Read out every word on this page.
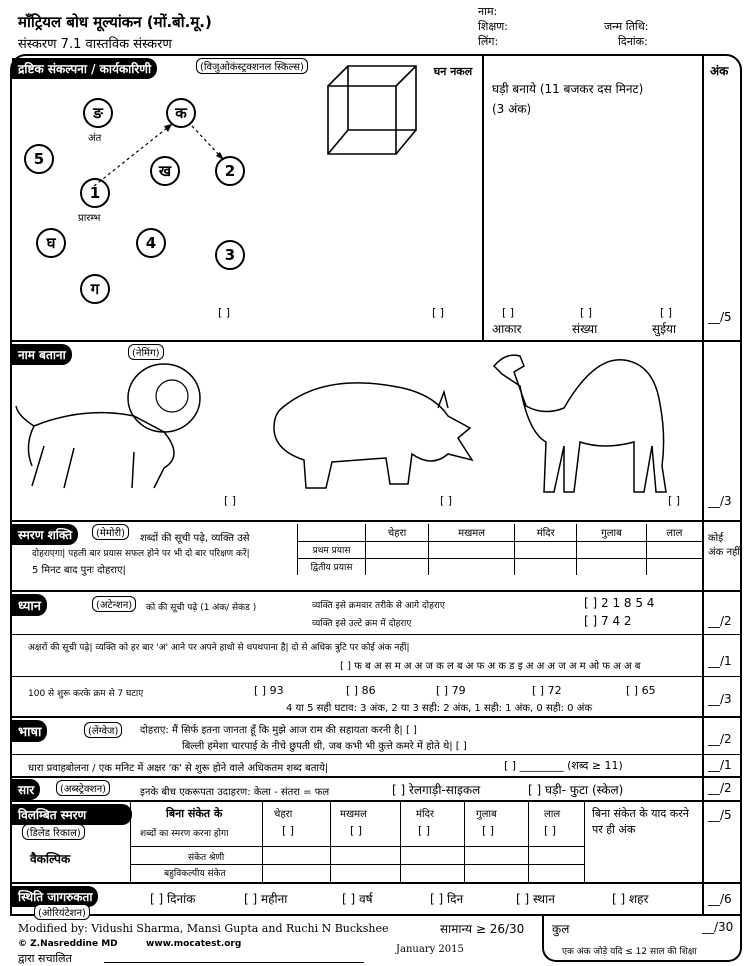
मॉंट्रियल बोध मूल्यांकन (मों.बो.मू.)
संस्करण 7.1 वास्तविक संस्करण
नाम:
शिक्षण:
लिंग:
जन्म तिथि:
दिनांक:
अंक
द्रष्टिक संकल्पना / कार्यकारिणी	(विजुओकंस्ट्रक्शनल स्किल्स)
ङ
अंत
क
5
ख	2
1
प्रारम्भ
घ	4
3
ग
[ ]
घन नकल
[ ]
घड़ी बनाये (11 बजकर दस मिनट)
(3 अंक)
[ ]	[ ]	[ ]
आकार	संख्या	सुईया
__/5
नाम बताना	(नेमिंग)
[ ]	[ ]	[ ] __/3
स्मरण शक्ति	(मेमोरी)	शब्दों की सूची पढ़े, व्यक्ति उसे
दोहराएगा| पहली बार प्रयास सफल होने पर भी दो बार परिक्षण करें|
5 मिनट बाद पुनः दोहराए|
	चेहरा	मखमल	मंदिर	गुलाब	लाल
प्रथम प्रयास					
द्वितीय प्रयास					
कोई अंक नहीं
ध्यान	(अटेन्शन)	को की सूची पढ़े (1 अंक/ सेकंड )	व्यक्ति इसे क्रमवार तरीके से आगे दोहराए	[ ] 2 1 8 5 4
व्यक्ति इसे उल्टे क्रम में दोहराए	[ ] 7 4 2	__/2
अक्षरों की सूची पढ़े| व्यक्ति को हर बार 'अ' आने पर अपने हाथो से थपथपाना है| दो से अधिक त्रुटि पर कोई अंक नहीं|
[ ] फ ब अ स म अ अ ज क ल ब अ फ अ क ड इ अ अ अ ज अ म ओ फ अ अ ब	__/1
100 से शुरू करके क्रम से 7 घटाए	[ ] 93	[ ] 86	[ ] 79	[ ] 72	[ ] 65
4 या 5 सही घटाव: 3 अंक, 2 या 3 सही: 2 अंक, 1 सही: 1 अंक, 0 सही: 0 अंक
__/3
भाषा	(लेंग्वेज)	दोहराए: मैं सिर्फ इतना जानता हूँ कि मुझे आज राम की सहायता करनी है| [ ]
बिल्ली हमेशा चारपाई के नीचे छुपती थी, जब कभी भी कुत्ते कमरे में होते थे| [ ]
__/2
धारा प्रवाहबोलना / एक मनिट में अक्षर 'क' से शुरू होने वाले अधिकतम शब्द बताये|	[ ] ________ (शब्द ≥ 11)	__/1
सार	(अब्स्ट्रेक्शन)	इनके बीच एकरूपता उदाहरण: केला - संतरा = फल	[ ] रेलगाड़ी-साइकल	[ ] घड़ी- फुटा (स्केल)	__/2
विलम्बित स्मरण
(डिलेड रिकाल)
बिना संकेत के
शब्दों का स्मरण करना होगा
वैकल्पिक	संकेत श्रेणी
बहुविकल्पीय संकेत
चेहरा	मखमल	मंदिर	गुलाब	लाल
[ ]	[ ]	[ ]	[ ]	[ ]
बिना संकेत के याद करने पर ही अंक
__/5
स्थिति जागरुकता
(ओरियंटेशन)
[ ] दिनांक	[ ] महीना	[ ] वर्ष	[ ] दिन	[ ] स्थान	[ ] शहर	__/6
Modified by: Vidushi Sharma, Mansi Gupta and Ruchi N Buckshee
© Z.Nasreddine MD	www.mocatest.org
द्वारा सचालित
सामान्य ≥ 26/30
January 2015
कुल	__/30
एक अंक जोड़े यदि ≤ 12 साल की शिक्षा
